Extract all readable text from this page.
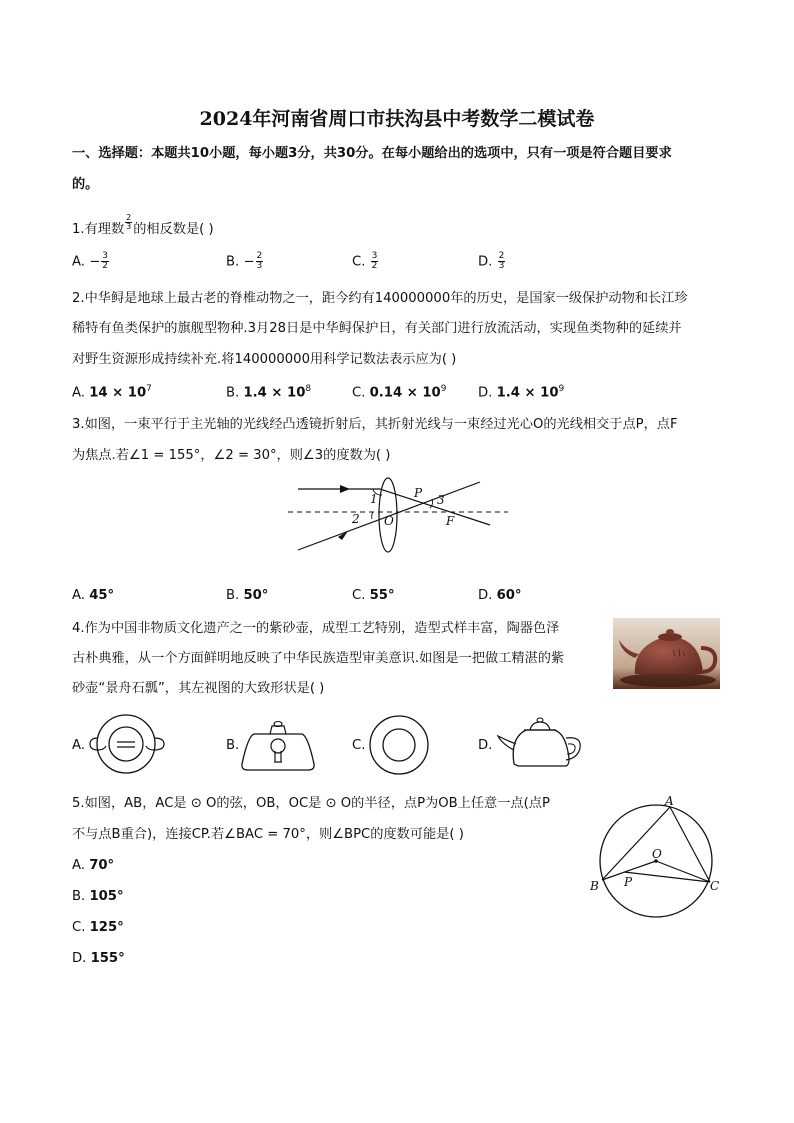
2024年河南省周口市扶沟县中考数学二模试卷
一、选择题：本题共10小题，每小题3分，共30分。在每小题给出的选项中，只有一项是符合题目要求
的。
1.有理数 $\frac{2}{3}$ 的相反数是( )
A. − $\frac{3}{2}$	B. − $\frac{2}{3}$	C. $\frac{3}{2}$	D. $\frac{2}{3}$
2.中华鲟是地球上最古老的脊椎动物之一，距今约有140000000年的历史，是国家一级保护动物和长江珍
稀特有鱼类保护的旗舰型物种.3月28日是中华鲟保护日，有关部门进行放流活动，实现鱼类物种的延续并
对野生资源形成持续补充.将140000000用科学记数法表示应为( )
A. $14 \times 10^7$	B. $1.4 \times 10^8$	C. $0.14 \times 10^9$ D. $1.4 \times 10^9$
3.如图，一束平行于主光轴的光线经凸透镜折射后，其折射光线与一束经过光心O的光线相交于点P，点F
为焦点.若∠1 = 155°，∠2 = 30°，则∠3的度数为( )
1
2
3
P
O	F
A. 45°	B. 50°	C. 55°	D. 60°
4.作为中国非物质文化遗产之一的紫砂壶，成型工艺特别，造型式样丰富，陶器色泽
古朴典雅，从一个方面鲜明地反映了中华民族造型审美意识.如图是一把做工精湛的紫
砂壶“景舟石瓢”，其左视图的大致形状是( )
A.	B.	C.	D.
5.如图，AB，AC是 ⊙ O的弦，OB，OC是 ⊙ O的半径，点P为OB上任意一点(点P
不与点B重合)，连接CP.若∠BAC = 70°，则∠BPC的度数可能是( )
A
B	C
O
P
A. 70°
B. 105°
C. 125°
D. 155°
